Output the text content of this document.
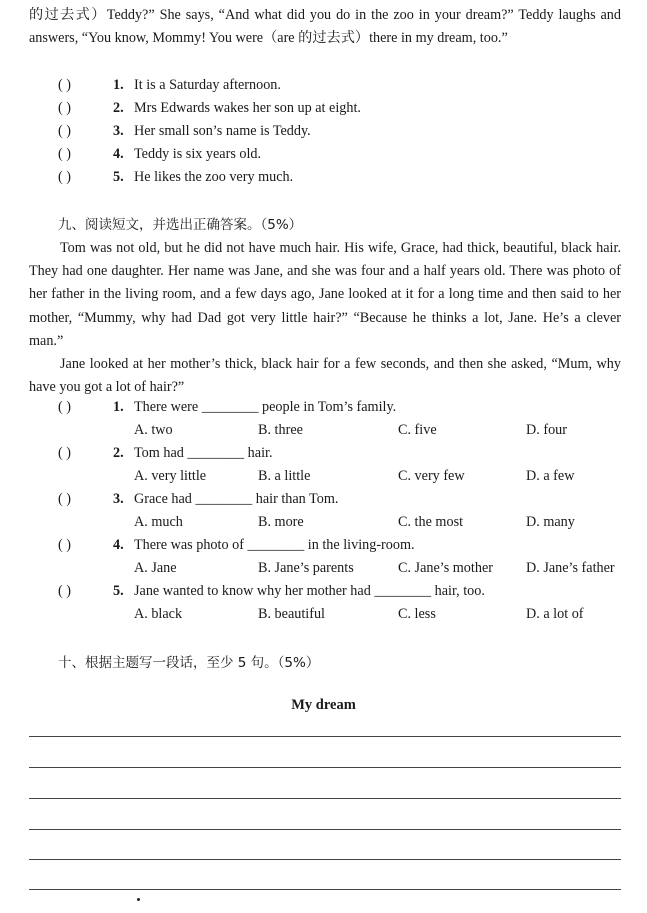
的过去式）Teddy?” She says, “And what did you do in the zoo in your dream?” Teddy laughs and answers, “You know, Mommy! You were（are 的过去式）there in my dream, too.”
( )	1. It is a Saturday afternoon.
( )	2. Mrs Edwards wakes her son up at eight.
( )	3. Her small son’s name is Teddy.
( )	4. Teddy is six years old.
( )	5. He likes the zoo very much.
九、阅读短文，并选出正确答案。（5%）
Tom was not old, but he did not have much hair. His wife, Grace, had thick, beautiful, black hair. They had one daughter. Her name was Jane, and she was four and a half years old. There was photo of her father in the living room, and a few days ago, Jane looked at it for a long time and then said to her mother, “Mummy, why had Dad got very little hair?” “Because he thinks a lot, Jane. He’s a clever man.”
Jane looked at her mother’s thick, black hair for a few seconds, and then she asked, “Mum, why have you got a lot of hair?”
( )	1. There were ________ people in Tom’s family.
A. two	B. three	C. five	D. four
( )	2. Tom had ________ hair.
A. very little	B. a little	C. very few	D. a few
( )	3. Grace had ________ hair than Tom.
A. much	B. more	C. the most	D. many
( )	4. There was photo of ________ in the living-room.
A. Jane	B. Jane’s parents	C. Jane’s mother D. Jane’s father
( )	5. Jane wanted to know why her mother had ________ hair, too.
A. black	B. beautiful	C. less	D. a lot of
十、根据主题写一段话，至少 5 句。（5%）
My dream
